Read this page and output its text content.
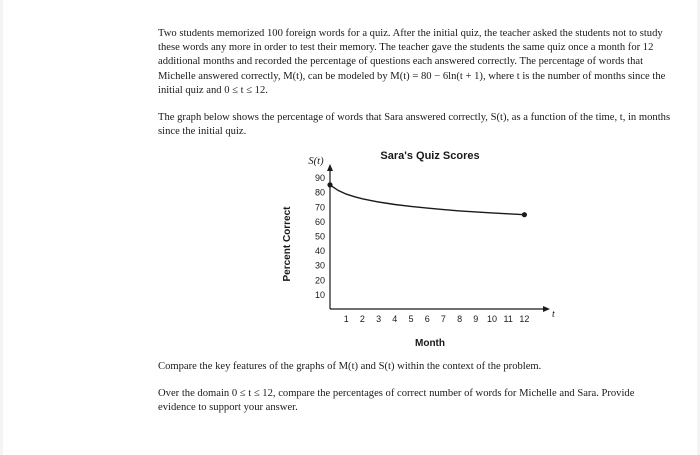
Two students memorized 100 foreign words for a quiz. After the initial quiz, the teacher asked the students not to study these words any more in order to test their memory. The teacher gave the students the same quiz once a month for 12 additional months and recorded the percentage of questions each answered correctly. The percentage of words that Michelle answered correctly, M(t), can be modeled by M(t) = 80 − 6ln(t + 1), where t is the number of months since the initial quiz and 0 ≤ t ≤ 12.
The graph below shows the percentage of words that Sara answered correctly, S(t), as a function of the time, t, in months since the initial quiz.
Sara's Quiz Scores
S(t)
t
Month
Percent Correct
10
20
30
40
50
60
70
80
90
1 2 3 4 5 6 7 8 9 10 11 12
Compare the key features of the graphs of M(t) and S(t) within the context of the problem.
Over the domain 0 ≤ t ≤ 12, compare the percentages of correct number of words for Michelle and Sara. Provide evidence to support your answer.
